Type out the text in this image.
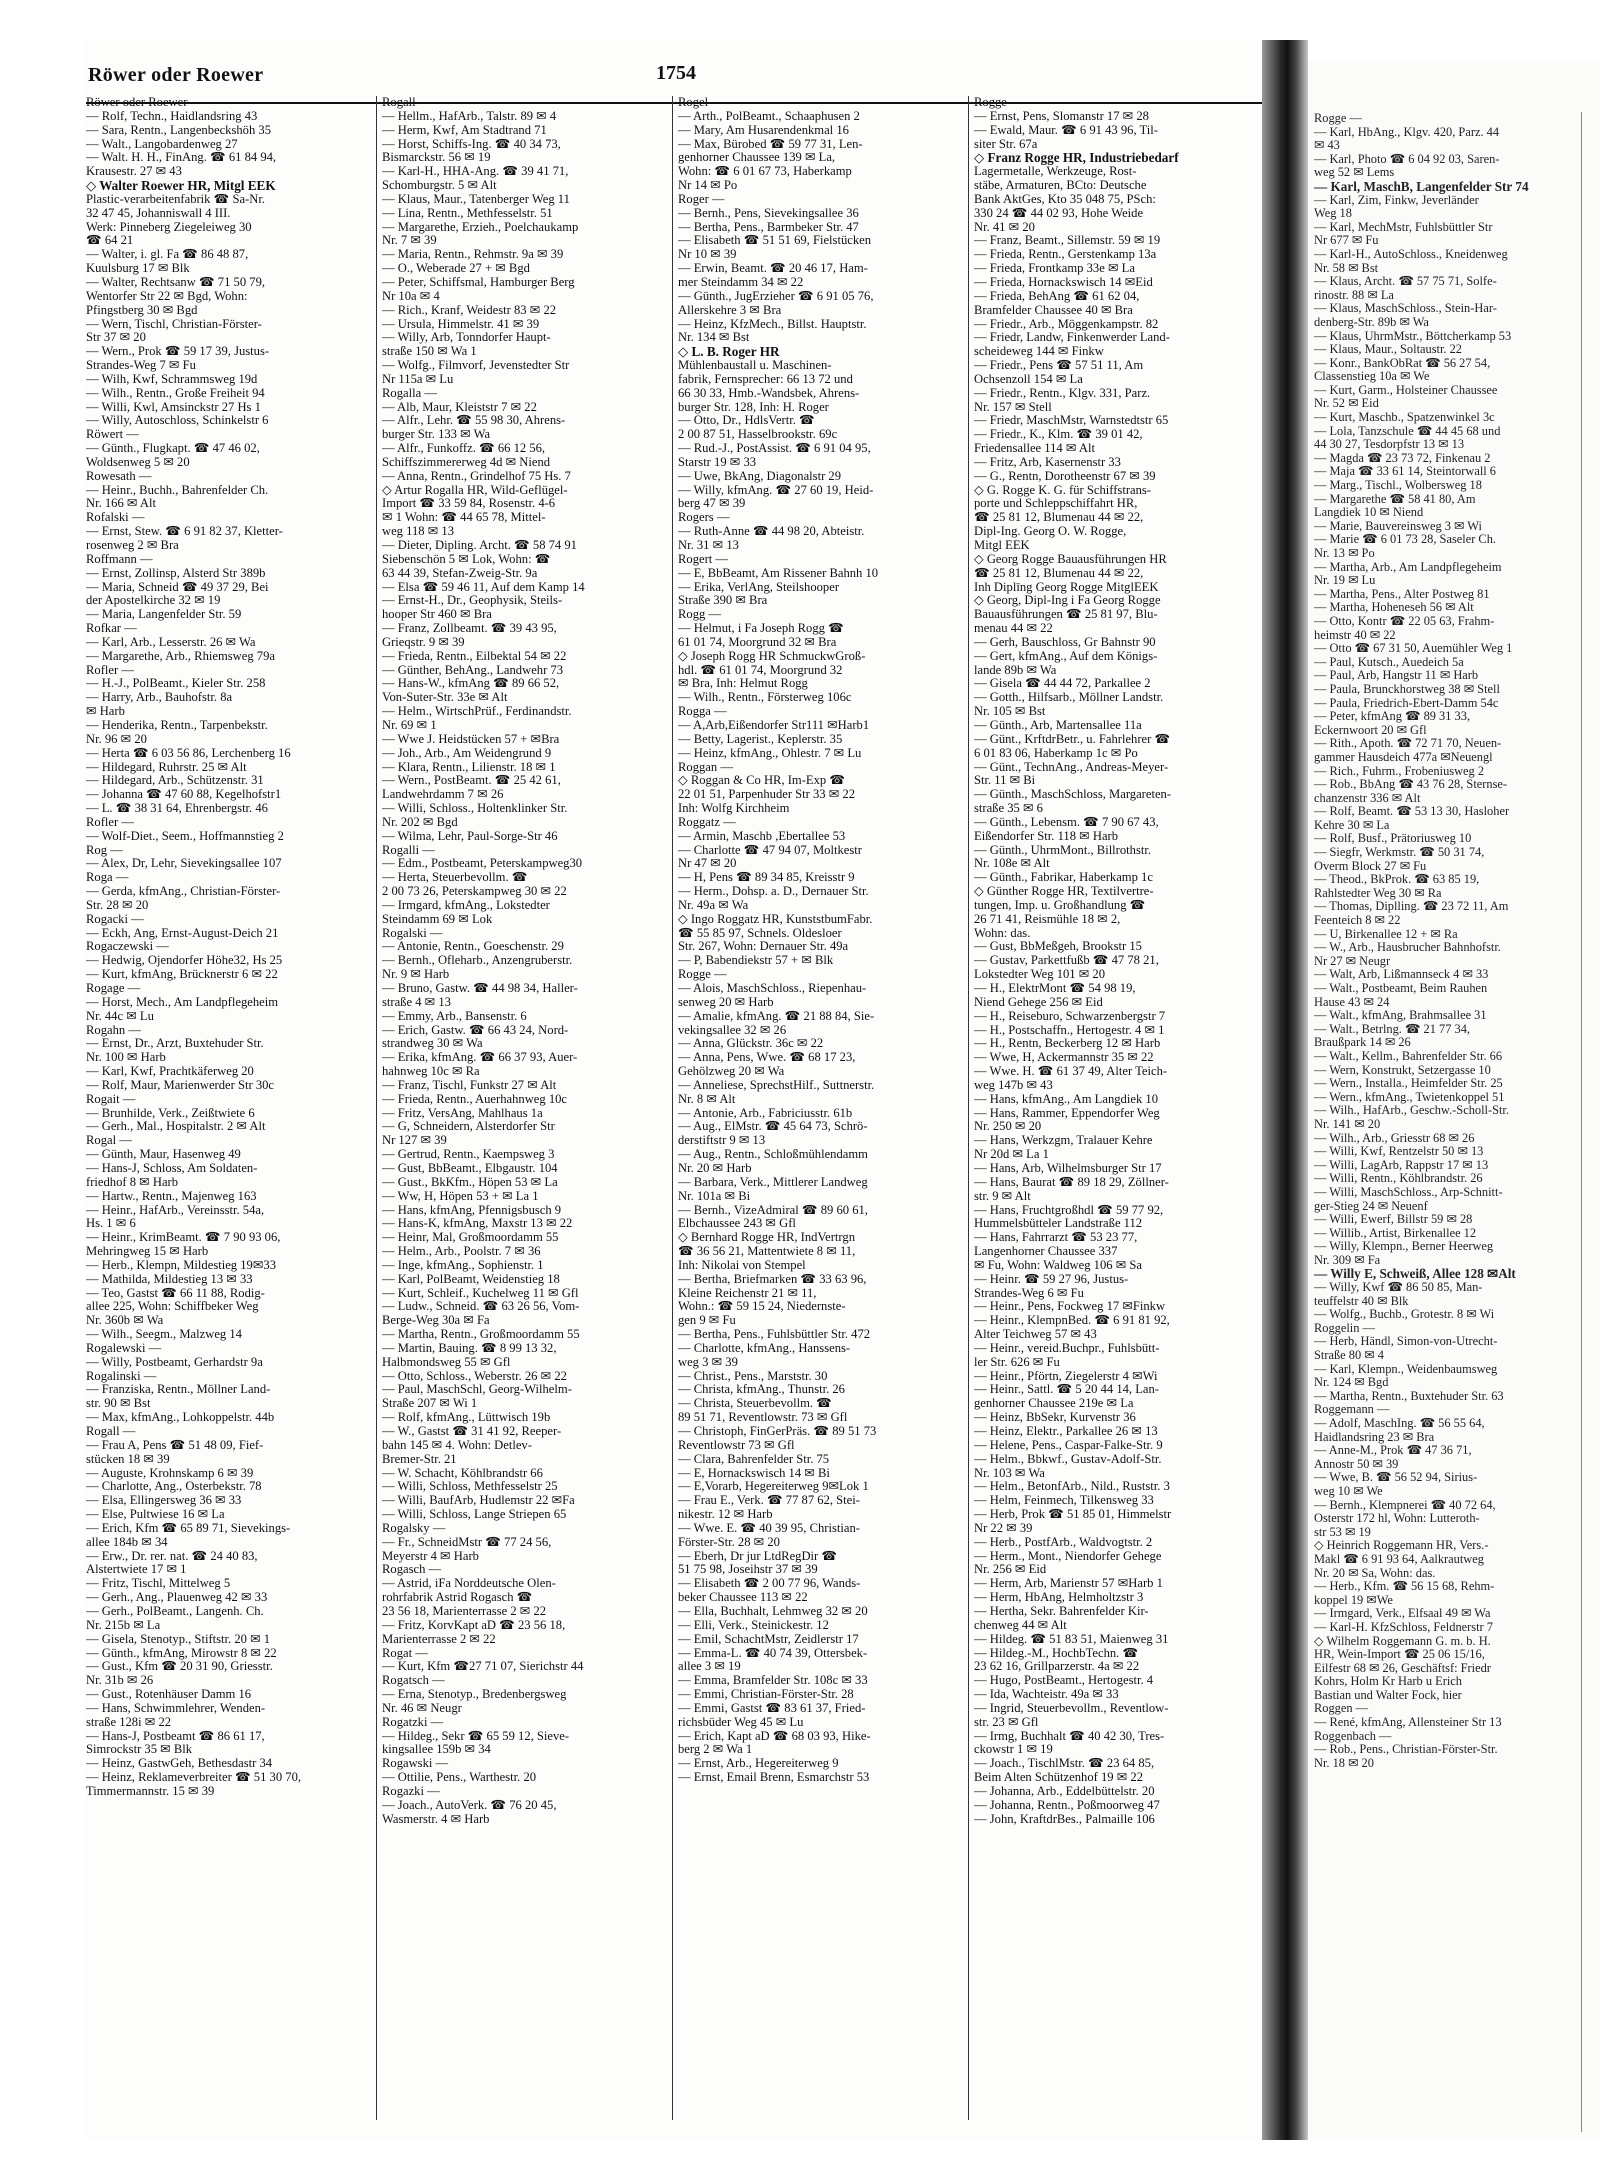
Röwer oder Roewer	1754
Röwer oder Roewer —
— Rolf, Techn., Haidlandsring 43
— Sara, Rentn., Langenbeckshöh 35
— Walt., Langobardenweg 27
— Walt. H. H., FinAng. ☎ 61 84 94,
Krausestr. 27 ✉ 43
◇ Walter Roewer HR, Mitgl EEK
Plastic-verarbeitenfabrik ☎ Sa-Nr.
32 47 45, Johanniswall 4 III.
Werk: Pinneberg Ziegeleiweg 30
☎ 64 21
— Walter, i. gl. Fa ☎ 86 48 87,
Kuulsburg 17 ✉ Blk
— Walter, Rechtsanw ☎ 71 50 79,
Wentorfer Str 22 ✉ Bgd, Wohn:
Pfingstberg 30 ✉ Bgd
— Wern, Tischl, Christian-Förster-
Str 37 ✉ 20
— Wern., Prok ☎ 59 17 39, Justus-
Strandes-Weg 7 ✉ Fu
— Wilh, Kwf, Schrammsweg 19d
— Wilh., Rentn., Große Freiheit 94
— Willi, Kwl, Amsinckstr 27 Hs 1
— Willy, Autoschloss, Schinkelstr 6
Röwert —
— Günth., Flugkapt. ☎ 47 46 02,
Woldsenweg 5 ✉ 20
Rowesath —
— Heinr., Buchh., Bahrenfelder Ch.
Nr. 166 ✉ Alt
Rofalski —
— Ernst, Stew. ☎ 6 91 82 37, Kletter-
rosenweg 2 ✉ Bra
Roffmann —
— Ernst, Zollinsp, Alsterd Str 389b
— Maria, Schneid ☎ 49 37 29, Bei
der Apostelkirche 32 ✉ 19
— Maria, Langenfelder Str. 59
Rofkar —
— Karl, Arb., Lesserstr. 26 ✉ Wa
— Margarethe, Arb., Rhiemsweg 79a
Rofler —
— H.-J., PolBeamt., Kieler Str. 258
— Harry, Arb., Bauhofstr. 8a
✉ Harb
— Henderika, Rentn., Tarpenbekstr.
Nr. 96 ✉ 20
— Herta ☎ 6 03 56 86, Lerchenberg 16
— Hildegard, Ruhrstr. 25 ✉ Alt
— Hildegard, Arb., Schützenstr. 31
— Johanna ☎ 47 60 88, Kegelhofstr1
— L. ☎ 38 31 64, Ehrenbergstr. 46
Rofler —
— Wolf-Diet., Seem., Hoffmannstieg 2
Rog —
— Alex, Dr, Lehr, Sievekingsallee 107
Roga —
— Gerda, kfmAng., Christian-Förster-
Str. 28 ✉ 20
Rogacki —
— Eckh, Ang, Ernst-August-Deich 21
Rogaczewski —
— Hedwig, Ojendorfer Höhe32, Hs 25
— Kurt, kfmAng, Brücknerstr 6 ✉ 22
Rogage —
— Horst, Mech., Am Landpflegeheim
Nr. 44c ✉ Lu
Rogahn —
— Ernst, Dr., Arzt, Buxtehuder Str.
Nr. 100 ✉ Harb
— Karl, Kwf, Prachtkäferweg 20
— Rolf, Maur, Marienwerder Str 30c
Rogait —
— Brunhilde, Verk., Zeißtwiete 6
— Gerh., Mal., Hospitalstr. 2 ✉ Alt
Rogal —
— Günth, Maur, Hasenweg 49
— Hans-J, Schloss, Am Soldaten-
friedhof 8 ✉ Harb
— Hartw., Rentn., Majenweg 163
— Heinr., HafArb., Vereinsstr. 54a,
Hs. 1 ✉ 6
— Heinr., KrimBeamt. ☎ 7 90 93 06,
Mehringweg 15 ✉ Harb
— Herb., Klempn, Mildestieg 19✉33
— Mathilda, Mildestieg 13 ✉ 33
— Teo, Gastst ☎ 66 11 88, Rodig-
allee 225, Wohn: Schiffbeker Weg
Nr. 360b ✉ Wa
— Wilh., Seegm., Malzweg 14
Rogalewski —
— Willy, Postbeamt, Gerhardstr 9a
Rogalinski —
— Franziska, Rentn., Möllner Land-
str. 90 ✉ Bst
— Max, kfmAng., Lohkoppelstr. 44b
Rogall —
— Frau A, Pens ☎ 51 48 09, Fief-
stücken 18 ✉ 39
— Auguste, Krohnskamp 6 ✉ 39
— Charlotte, Ang., Osterbekstr. 78
— Elsa, Ellingersweg 36 ✉ 33
— Else, Pultwiese 16 ✉ La
— Erich, Kfm ☎ 65 89 71, Sievekings-
allee 184b ✉ 34
— Erw., Dr. rer. nat. ☎ 24 40 83,
Alstertwiete 17 ✉ 1
— Fritz, Tischl, Mittelweg 5
— Gerh., Ang., Plauenweg 42 ✉ 33
— Gerh., PolBeamt., Langenh. Ch.
Nr. 215b ✉ La
— Gisela, Stenotyp., Stiftstr. 20 ✉ 1
— Günth., kfmAng, Mirowstr 8 ✉ 22
— Gust., Kfm ☎ 20 31 90, Griesstr.
Nr. 31b ✉ 26
— Gust., Rotenhäuser Damm 16
— Hans, Schwimmlehrer, Wenden-
straße 128i ✉ 22
— Hans-J, Postbeamt ☎ 86 61 17,
Simrockstr 35 ✉ Blk
— Heinz, GastwGeh, Bethesdastr 34
— Heinz, Reklameverbreiter ☎ 51 30 70,
Timmermannstr. 15 ✉ 39
Rogall —
— Hellm., HafArb., Talstr. 89 ✉ 4
— Herm, Kwf, Am Stadtrand 71
— Horst, Schiffs-Ing. ☎ 40 34 73,
Bismarckstr. 56 ✉ 19
— Karl-H., HHA-Ang. ☎ 39 41 71,
Schomburgstr. 5 ✉ Alt
— Klaus, Maur., Tatenberger Weg 11
— Lina, Rentn., Methfesselstr. 51
— Margarethe, Erzieh., Poelchaukamp
Nr. 7 ✉ 39
— Maria, Rentn., Rehmstr. 9a ✉ 39
— O., Weberade 27 + ✉ Bgd
— Peter, Schiffsmal, Hamburger Berg
Nr 10a ✉ 4
— Rich., Kranf, Weidestr 83 ✉ 22
— Ursula, Himmelstr. 41 ✉ 39
— Willy, Arb, Tonndorfer Haupt-
straße 150 ✉ Wa 1
— Wolfg., Filmvorf, Jevenstedter Str
Nr 115a ✉ Lu
Rogalla —
— Alb, Maur, Kleiststr 7 ✉ 22
— Alfr., Lehr. ☎ 55 98 30, Ahrens-
burger Str. 133 ✉ Wa
— Alfr., Funkoffz. ☎ 66 12 56,
Schiffszimmererweg 4d ✉ Niend
— Anna, Rentn., Grindelhof 75 Hs. 7
◇ Artur Rogalla HR, Wild-Geflügel-
Import ☎ 33 59 84, Rosenstr. 4-6
✉ 1 Wohn: ☎ 44 65 78, Mittel-
weg 118 ✉ 13
— Dieter, Dipling. Archt. ☎ 58 74 91
Siebenschön 5 ✉ Lok, Wohn: ☎
63 44 39, Stefan-Zweig-Str. 9a
— Elsa ☎ 59 46 11, Auf dem Kamp 14
— Ernst-H., Dr., Geophysik, Steils-
hooper Str 460 ✉ Bra
— Franz, Zollbeamt. ☎ 39 43 95,
Grieqstr. 9 ✉ 39
— Frieda, Rentn., Eilbektal 54 ✉ 22
— Günther, BehAng., Landwehr 73
— Hans-W., kfmAng ☎ 89 66 52,
Von-Suter-Str. 33e ✉ Alt
— Helm., WirtschPrüf., Ferdinandstr.
Nr. 69 ✉ 1
— Wwe J. Heidstücken 57 + ✉Bra
— Joh., Arb., Am Weidengrund 9
— Klara, Rentn., Lilienstr. 18 ✉ 1
— Wern., PostBeamt. ☎ 25 42 61,
Landwehrdamm 7 ✉ 26
— Willi, Schloss., Holtenklinker Str.
Nr. 202 ✉ Bgd
— Wilma, Lehr, Paul-Sorge-Str 46
Rogalli —
— Edm., Postbeamt, Peterskampweg30
— Herta, Steuerbevollm. ☎
2 00 73 26, Peterskampweg 30 ✉ 22
— Irmgard, kfmAng., Lokstedter
Steindamm 69 ✉ Lok
Rogalski —
— Antonie, Rentn., Goeschenstr. 29
— Bernh., Ofleharb., Anzengruberstr.
Nr. 9 ✉ Harb
— Bruno, Gastw. ☎ 44 98 34, Haller-
straße 4 ✉ 13
— Emmy, Arb., Bansenstr. 6
— Erich, Gastw. ☎ 66 43 24, Nord-
strandweg 30 ✉ Wa
— Erika, kfmAng. ☎ 66 37 93, Auer-
hahnweg 10c ✉ Ra
— Franz, Tischl, Funkstr 27 ✉ Alt
— Frieda, Rentn., Auerhahnweg 10c
— Fritz, VersAng, Mahlhaus 1a
— G, Schneidern, Alsterdorfer Str
Nr 127 ✉ 39
— Gertrud, Rentn., Kaempsweg 3
— Gust, BbBeamt., Elbgaustr. 104
— Gust., BkKfm., Höpen 53 ✉ La
— Ww, H, Höpen 53 + ✉ La 1
— Hans, kfmAng, Pfennigsbusch 9
— Hans-K, kfmAng, Maxstr 13 ✉ 22
— Heinr, Mal, Großmoordamm 55
— Helm., Arb., Poolstr. 7 ✉ 36
— Inge, kfmAng., Sophienstr. 1
— Karl, PolBeamt, Weidenstieg 18
— Kurt, Schleif., Kuchelweg 11 ✉ Gfl
— Ludw., Schneid. ☎ 63 26 56, Vom-
Berge-Weg 30a ✉ Fa
— Martha, Rentn., Großmoordamm 55
— Martin, Bauing. ☎ 8 99 13 32,
Halbmondsweg 55 ✉ Gfl
— Otto, Schloss., Weberstr. 26 ✉ 22
— Paul, MaschSchl, Georg-Wilhelm-
Straße 207 ✉ Wi 1
— Rolf, kfmAng., Lüttwisch 19b
— W., Gastst ☎ 31 41 92, Reeper-
bahn 145 ✉ 4. Wohn: Detlev-
Bremer-Str. 21
— W. Schacht, Köhlbrandstr 66
— Willi, Schloss, Methfesselstr 25
— Willi, BaufArb, Hudlemstr 22 ✉Fa
— Willi, Schloss, Lange Striepen 65
Rogalsky —
— Fr., SchneidMstr ☎ 77 24 56,
Meyerstr 4 ✉ Harb
Rogasch —
— Astrid, iFa Norddeutsche Olen-
rohrfabrik Astrid Rogasch ☎
23 56 18, Marienterrasse 2 ✉ 22
— Fritz, KorvKapt aD ☎ 23 56 18,
Marienterrasse 2 ✉ 22
Rogat —
— Kurt, Kfm ☎27 71 07, Sierichstr 44
Rogatsch —
— Erna, Stenotyp., Bredenbergsweg
Nr. 46 ✉ Neugr
Rogatzki —
— Hildeg., Sekr ☎ 65 59 12, Sieve-
kingsallee 159b ✉ 34
Rogawski —
— Ottilie, Pens., Warthestr. 20
Rogazki —
— Joach., AutoVerk. ☎ 76 20 45,
Wasmerstr. 4 ✉ Harb
Rogel —
— Arth., PolBeamt., Schaaphusen 2
— Mary, Am Husarendenkmal 16
— Max, Bürobed ☎ 59 77 31, Len-
genhorner Chaussee 139 ✉ La,
Wohn: ☎ 6 01 67 73, Haberkamp
Nr 14 ✉ Po
Roger —
— Bernh., Pens, Sievekingsallee 36
— Bertha, Pens., Barmbeker Str. 47
— Elisabeth ☎ 51 51 69, Fielstücken
Nr 10 ✉ 39
— Erwin, Beamt. ☎ 20 46 17, Ham-
mer Steindamm 34 ✉ 22
— Günth., JugErzieher ☎ 6 91 05 76,
Allerskehre 3 ✉ Bra
— Heinz, KfzMech., Billst. Hauptstr.
Nr. 134 ✉ Bst
◇ L. B. Roger HR
Mühlenbaustall u. Maschinen-
fabrik, Fernsprecher: 66 13 72 und
66 30 33, Hmb.-Wandsbek, Ahrens-
burger Str. 128, Inh: H. Roger
— Otto, Dr., HdlsVertr. ☎
2 00 87 51, Hasselbrookstr. 69c
— Rud.-J., PostAssist. ☎ 6 91 04 95,
Starstr 19 ✉ 33
— Uwe, BkAng, Diagonalstr 29
— Willy, kfmAng. ☎ 27 60 19, Heid-
berg 47 ✉ 39
Rogers —
— Ruth-Anne ☎ 44 98 20, Abteistr.
Nr. 31 ✉ 13
Rogert —
— E, BbBeamt, Am Rissener Bahnh 10
— Erika, VerlAng, Steilshooper
Straße 390 ✉ Bra
Rogg —
— Helmut, i Fa Joseph Rogg ☎
61 01 74, Moorgrund 32 ✉ Bra
◇ Joseph Rogg HR SchmuckwGroß-
hdl. ☎ 61 01 74, Moorgrund 32
✉ Bra, Inh: Helmut Rogg
— Wilh., Rentn., Försterweg 106c
Rogga —
— A,Arb,Eißendorfer Str111 ✉Harb1
— Betty, Lagerist., Keplerstr. 35
— Heinz, kfmAng., Ohlestr. 7 ✉ Lu
Roggan —
◇ Roggan & Co HR, Im-Exp ☎
22 01 51, Parpenhuder Str 33 ✉ 22
Inh: Wolfg Kirchheim
Roggatz —
— Armin, Maschb ,Ebertallee 53
— Charlotte ☎ 47 94 07, Moltkestr
Nr 47 ✉ 20
— H, Pens ☎ 89 34 85, Kreisstr 9
— Herm., Dohsp. a. D., Dernauer Str.
Nr. 49a ✉ Wa
◇ Ingo Roggatz HR, KunststbumFabr.
☎ 55 85 97, Schnels. Oldesloer
Str. 267, Wohn: Dernauer Str. 49a
— P, Babendiekstr 57 + ✉ Blk
Rogge —
— Alois, MaschSchloss., Riepenhau-
senweg 20 ✉ Harb
— Amalie, kfmAng. ☎ 21 88 84, Sie-
vekingsallee 32 ✉ 26
— Anna, Glückstr. 36c ✉ 22
— Anna, Pens, Wwe. ☎ 68 17 23,
Gehölzweg 20 ✉ Wa
— Anneliese, SprechstHilf., Suttnerstr.
Nr. 8 ✉ Alt
— Antonie, Arb., Fabriciusstr. 61b
— Aug., ElMstr. ☎ 45 64 73, Schrö-
derstiftstr 9 ✉ 13
— Aug., Rentn., Schloßmühlendamm
Nr. 20 ✉ Harb
— Barbara, Verk., Mittlerer Landweg
Nr. 101a ✉ Bi
— Bernh., VizeAdmiral ☎ 89 60 61,
Elbchaussee 243 ✉ Gfl
◇ Bernhard Rogge HR, IndVertrgn
☎ 36 56 21, Mattentwiete 8 ✉ 11,
Inh: Nikolai von Stempel
— Bertha, Briefmarken ☎ 33 63 96,
Kleine Reichenstr 21 ✉ 11,
Wohn.: ☎ 59 15 24, Niedernstе-
gen 9 ✉ Fu
— Bertha, Pens., Fuhlsbüttler Str. 472
— Charlotte, kfmAng., Hanssens-
weg 3 ✉ 39
— Christ., Pens., Marststr. 30
— Christa, kfmAng., Thunstr. 26
— Christa, Steuerbevollm. ☎
89 51 71, Reventlowstr. 73 ✉ Gfl
— Christoph, FinGerPräs. ☎ 89 51 73
Reventlowstr 73 ✉ Gfl
— Clara, Bahrenfelder Str. 75
— E, Hornackswisch 14 ✉ Bi
— E,Vorarb, Hegereiterweg 9✉Lok 1
— Frau E., Verk. ☎ 77 87 62, Stei-
nikestr. 12 ✉ Harb
— Wwe. E. ☎ 40 39 95, Christian-
Förster-Str. 28 ✉ 20
— Eberh, Dr jur LtdRegDir ☎
51 75 98, Joseihstr 37 ✉ 39
— Elisabeth ☎ 2 00 77 96, Wands-
beker Chaussee 113 ✉ 22
— Ella, Buchhalt, Lehmweg 32 ✉ 20
— Elli, Verk., Steinickestr. 12
— Emil, SchachtMstr, Zeidlerstr 17
— Emma-L. ☎ 40 74 39, Ottersbek-
allee 3 ✉ 19
— Emma, Bramfelder Str. 108c ✉ 33
— Emmi, Christian-Förster-Str. 28
— Emmi, Gastst ☎ 83 61 37, Fried-
richsbüder Weg 45 ✉ Lu
— Erich, Kapt aD ☎ 68 03 93, Hike-
berg 2 ✉ Wa 1
— Ernst, Arb., Hegereiterweg 9
— Ernst, Email Brenn, Esmarchstr 53
Rogge —
— Ernst, Pens, Slomanstr 17 ✉ 28
— Ewald, Maur. ☎ 6 91 43 96, Til-
siter Str. 67a
◇ Franz Rogge HR, Industriebedarf
Lagermetalle, Werkzeuge, Rost-
stäbe, Armaturen, BCto: Deutsche
Bank AktGes, Kto 35 048 75, PSch:
330 24 ☎ 44 02 93, Hohe Weide
Nr. 41 ✉ 20
— Franz, Beamt., Sillemstr. 59 ✉ 19
— Frieda, Rentn., Gerstenkamp 13a
— Frieda, Frontkamp 33e ✉ La
— Frieda, Hornackswisch 14 ✉Eid
— Frieda, BehAng ☎ 61 62 04,
Bramfelder Chaussee 40 ✉ Bra
— Friedr., Arb., Möggenkampstr. 82
— Friedr, Landw, Finkenwerder Land-
scheideweg 144 ✉ Finkw
— Friedr., Pens ☎ 57 51 11, Am
Ochsenzoll 154 ✉ La
— Friedr., Rentn., Klgv. 331, Parz.
Nr. 157 ✉ Stell
— Friedr, MaschMstr, Warnstedtstr 65
— Friedr., K., Klm. ☎ 39 01 42,
Friedensallee 114 ✉ Alt
— Fritz, Arb, Kasernenstr 33
— G., Rentn, Dorotheenstr 67 ✉ 39
◇ G. Rogge K. G. für Schiffstrans-
porte und Schleppschiffahrt HR,
☎ 25 81 12, Blumenau 44 ✉ 22,
Dipl-Ing. Georg O. W. Rogge,
Mitgl EEK
◇ Georg Rogge Bauausführungen HR
☎ 25 81 12, Blumenau 44 ✉ 22,
Inh Diplīng Georg Rogge MitglEEK
◇ Georg, Dipl-Ing i Fa Georg Rogge
Bauausführungen ☎ 25 81 97, Blu-
menau 44 ✉ 22
— Gerh, Bauschloss, Gr Bahnstr 90
— Gert, kfmAng., Auf dem Königs-
lande 89b ✉ Wa
— Gisela ☎ 44 44 72, Parkallee 2
— Gotth., Hilfsarb., Möllner Landstr.
Nr. 105 ✉ Bst
— Günth., Arb, Martensallee 11a
— Günt., KrftdrBetr., u. Fahrlehrer ☎
6 01 83 06, Haberkamp 1c ✉ Po
— Günt., TechnAng., Andreas-Meyer-
Str. 11 ✉ Bi
— Günth., MaschSchloss, Margareten-
straße 35 ✉ 6
— Günth., Lebensm. ☎ 7 90 67 43,
Eißendorfer Str. 118 ✉ Harb
— Günth., UhrmMont., Billrothstr.
Nr. 108e ✉ Alt
— Günth., Fabrikar, Haberkamp 1c
◇ Günther Rogge HR, Textilvertre-
tungen, Imp. u. Großhandlung ☎
26 71 41, Reismühle 18 ✉ 2,
Wohn: das.
— Gust, BbMeßgeh, Brookstr 15
— Gustav, Parkettfußb ☎ 47 78 21,
Lokstedter Weg 101 ✉ 20
— H., ElektrMont ☎ 54 98 19,
Niend Gehege 256 ✉ Eid
— H., Reiseburo, Schwarzenbergstr 7
— H., Postschaffn., Hertogestr. 4 ✉ 1
— H., Rentn, Beckerberg 12 ✉ Harb
— Wwe, H, Ackermannstr 35 ✉ 22
— Wwe. H. ☎ 61 37 49, Alter Teich-
weg 147b ✉ 43
— Hans, kfmAng., Am Langdiek 10
— Hans, Rammer, Eppendorfer Weg
Nr. 250 ✉ 20
— Hans, Werkzgm, Tralauer Kehre
Nr 20d ✉ La 1
— Hans, Arb, Wilhelmsburger Str 17
— Hans, Baurat ☎ 89 18 29, Zöllner-
str. 9 ✉ Alt
— Hans, Fruchtgroßhdl ☎ 59 77 92,
Hummelsbütteler Landstraße 112
— Hans, Fahrrarzt ☎ 53 23 77,
Langenhorner Chaussee 337
✉ Fu, Wohn: Waldweg 106 ✉ Sa
— Heinr. ☎ 59 27 96, Justus-
Strandes-Weg 6 ✉ Fu
— Heinr., Pens, Fockweg 17 ✉Finkw
— Heinr., KlempnBed. ☎ 6 91 81 92,
Alter Teichweg 57 ✉ 43
— Heinr., vereid.Buchpr., Fuhlsbütt-
ler Str. 626 ✉ Fu
— Heinr., Pförtn, Ziegelerstr 4 ✉Wi
— Heinr., Sattl. ☎ 5 20 44 14, Lan-
genhorner Chaussee 219e ✉ La
— Heinz, BbSekr, Kurvenstr 36
— Heinz, Elektr., Parkallee 26 ✉ 13
— Helene, Pens., Caspar-Falke-Str. 9
— Helm., Bbkwf., Gustav-Adolf-Str.
Nr. 103 ✉ Wa
— Helm., BetonfArb., Nild., Ruststr. 3
— Helm, Feinmech, Tilkensweg 33
— Herb, Prok ☎ 51 85 01, Himmelstr
Nr 22 ✉ 39
— Herb., PostfArb., Waldvogtstr. 2
— Herm., Mont., Niendorfer Gehege
Nr. 256 ✉ Eid
— Herm, Arb, Marienstr 57 ✉Harb 1
— Herm, HbAng, Helmholtzstr 3
— Hertha, Sekr. Bahrenfelder Kir-
chenweg 44 ✉ Alt
— Hildeg. ☎ 51 83 51, Maienweg 31
— Hildeg.-M., HochbTechn. ☎
23 62 16, Grillparzerstr. 4a ✉ 22
— Hugo, PostBeamt., Hertogestr. 4
— Ida, Wachteistr. 49a ✉ 33
— Ingrid, Steuerbevollm., Reventlow-
str. 23 ✉ Gfl
— Irmg, Buchhalt ☎ 40 42 30, Tres-
ckowstr 1 ✉ 19
— Joach., TischlMstr. ☎ 23 64 85,
Beim Alten Schützenhof 19 ✉ 22
— Johanna, Arb., Eddelbüttelstr. 20
— Johanna, Rentn., Poßmoorweg 47
— John, KraftdrBes., Palmaille 106
Rogge —
— Karl, HbAng., Klgv. 420, Parz. 44
✉ 43
— Karl, Photo ☎ 6 04 92 03, Saren-
weg 52 ✉ Lems
— Karl, MaschB, Langenfelder Str 74
— Karl, Zim, Finkw, Jeverländer
Weg 18
— Karl, MechMstr, Fuhlsbüttler Str
Nr 677 ✉ Fu
— Karl-H., AutoSchloss., Kneidenweg
Nr. 58 ✉ Bst
— Klaus, Archt. ☎ 57 75 71, Solfe-
rinostr. 88 ✉ La
— Klaus, MaschSchloss., Stein-Har-
denberg-Str. 89b ✉ Wa
— Klaus, UhrmMstr., Böttcherkamp 53
— Klaus, Maur., Soltaustr. 22
— Konr., BankObRat ☎ 56 27 54,
Classenstieg 10a ✉ We
— Kurt, Garm., Holsteiner Chaussee
Nr. 52 ✉ Eid
— Kurt, Maschb., Spatzenwinkel 3c
— Lola, Tanzschule ☎ 44 45 68 und
44 30 27, Tesdorpfstr 13 ✉ 13
— Magda ☎ 23 73 72, Finkenau 2
— Maja ☎ 33 61 14, Steintorwall 6
— Marg., Tischl., Wolbersweg 18
— Margarethe ☎ 58 41 80, Am
Langdiek 10 ✉ Niend
— Marie, Bauvereinsweg 3 ✉ Wi
— Marie ☎ 6 01 73 28, Saseler Ch.
Nr. 13 ✉ Po
— Martha, Arb., Am Landpflegeheim
Nr. 19 ✉ Lu
— Martha, Pens., Alter Postweg 81
— Martha, Hoheneseh 56 ✉ Alt
— Otto, Kontr ☎ 22 05 63, Frahm-
heimstr 40 ✉ 22
— Otto ☎ 67 31 50, Auemühler Weg 1
— Paul, Kutsch., Auedeich 5a
— Paul, Arb, Hangstr 11 ✉ Harb
— Paula, Brunckhorstweg 38 ✉ Stell
— Paula, Friedrich-Ebert-Damm 54c
— Peter, kfmAng ☎ 89 31 33,
Eckernwoort 20 ✉ Gfl
— Rith., Apoth. ☎ 72 71 70, Neuen-
gammer Hausdeich 477a ✉Neuengl
— Rich., Fuhrm., Frobeniusweg 2
— Rob., BbAng ☎ 43 76 28, Sternse-
chanzenstr 336 ✉ Alt
— Rolf, Beamt. ☎ 53 13 30, Hasloher
Kehre 30 ✉ La
— Rolf, Busf., Prätoriusweg 10
— Siegfr, Werkmstr. ☎ 50 31 74,
Overm Block 27 ✉ Fu
— Theod., BkProk. ☎ 63 85 19,
Rahlstedter Weg 30 ✉ Ra
— Thomas, Diplling. ☎ 23 72 11, Am
Feenteich 8 ✉ 22
— U, Birkenallee 12 + ✉ Ra
— W., Arb., Hausbrucher Bahnhofstr.
Nr 27 ✉ Neugr
— Walt, Arb, Lißmannseck 4 ✉ 33
— Walt., Postbeamt, Beim Rauhen
Hause 43 ✉ 24
— Walt., kfmAng, Brahmsallee 31
— Walt., Betrlng. ☎ 21 77 34,
Braußpark 14 ✉ 26
— Walt., Kellm., Bahrenfelder Str. 66
— Wern, Konstrukt, Setzergasse 10
— Wern., Installa., Heimfelder Str. 25
— Wern., kfmAng., Twietenkoppel 51
— Wilh., HafArb., Geschw.-Scholl-Str.
Nr. 141 ✉ 20
— Wilh., Arb., Griesstr 68 ✉ 26
— Willi, Kwf, Rentzelstr 50 ✉ 13
— Willi, LagArb, Rappstr 17 ✉ 13
— Willi, Rentn., Köhlbrandstr. 26
— Willi, MaschSchloss., Arp-Schnitt-
ger-Stieg 24 ✉ Neuenf
— Willi, Ewerf, Billstr 59 ✉ 28
— Willib., Artist, Birkenallee 12
— Willy, Klempn., Berner Heerweg
Nr. 309 ✉ Fa
— Willy E, Schweiß, Allee 128 ✉Alt
— Willy, Kwf ☎ 86 50 85, Man-
teuffelstr 40 ✉ Blk
— Wolfg., Buchb., Grotestr. 8 ✉ Wi
Roggelin —
— Herb, Händl, Simon-von-Utrecht-
Straße 80 ✉ 4
— Karl, Klempn., Weidenbaumsweg
Nr. 124 ✉ Bgd
— Martha, Rentn., Buxtehuder Str. 63
Roggemann —
— Adolf, MaschIng. ☎ 56 55 64,
Haidlandsring 23 ✉ Bra
— Anne-M., Prok ☎ 47 36 71,
Annostr 50 ✉ 39
— Wwe, B. ☎ 56 52 94, Sirius-
weg 10 ✉ We
— Bernh., Klempnerei ☎ 40 72 64,
Osterstr 172 hl, Wohn: Lutteroth-
str 53 ✉ 19
◇ Heinrich Roggemann HR, Vers.-
Makl ☎ 6 91 93 64, Aalkrautweg
Nr. 20 ✉ Sa, Wohn: das.
— Herb., Kfm. ☎ 56 15 68, Rehm-
koppel 19 ✉We
— Irmgard, Verk., Elfsaal 49 ✉ Wa
— Karl-H. KfzSchloss, Feldnerstr 7
◇ Wilhelm Roggemann G. m. b. H.
HR, Wein-Import ☎ 25 06 15/16,
Eilfestr 68 ✉ 26, Geschäftsf: Friedr
Kohrs, Holm Kr Harb u Erich
Bastian und Walter Fock, hier
Roggen —
— René, kfmAng, Allensteiner Str 13
Roggenbach —
— Rob., Pens., Christian-Förster-Str.
Nr. 18 ✉ 20
